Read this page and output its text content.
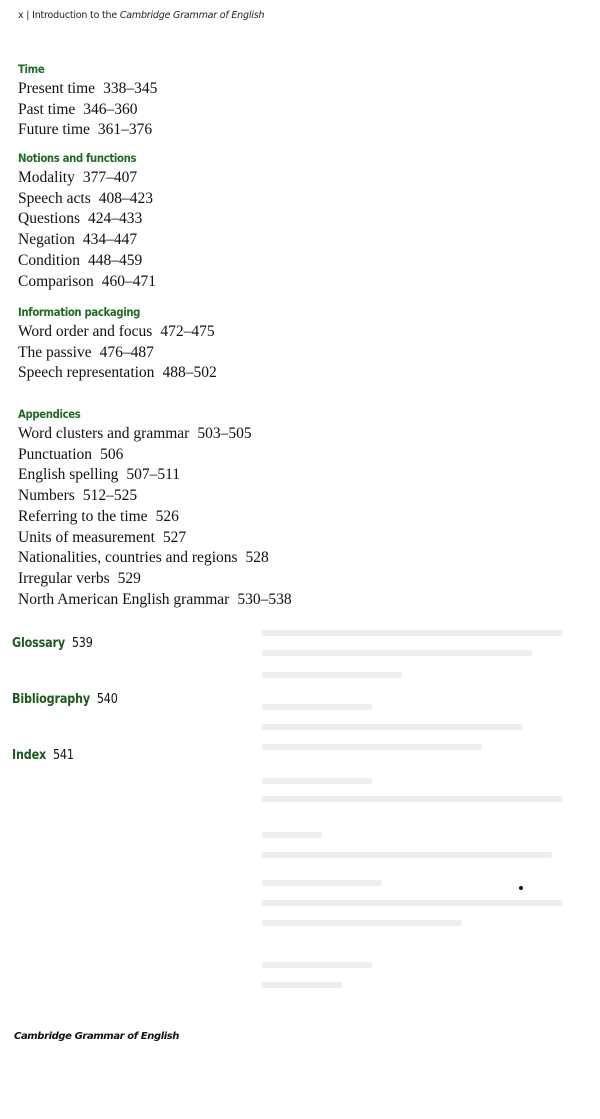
x | Introduction to the Cambridge Grammar of English
Time
Present time 338–345
Past time 346–360
Future time 361–376
Notions and functions
Modality 377–407
Speech acts 408–423
Questions 424–433
Negation 434–447
Condition 448–459
Comparison 460–471
Information packaging
Word order and focus 472–475
The passive 476–487
Speech representation 488–502
Appendices
Word clusters and grammar 503–505
Punctuation 506
English spelling 507–511
Numbers 512–525
Referring to the time 526
Units of measurement 527
Nationalities, countries and regions 528
Irregular verbs 529
North American English grammar 530–538
Glossary 539
Bibliography 540
Index 541
Cambridge Grammar of English
